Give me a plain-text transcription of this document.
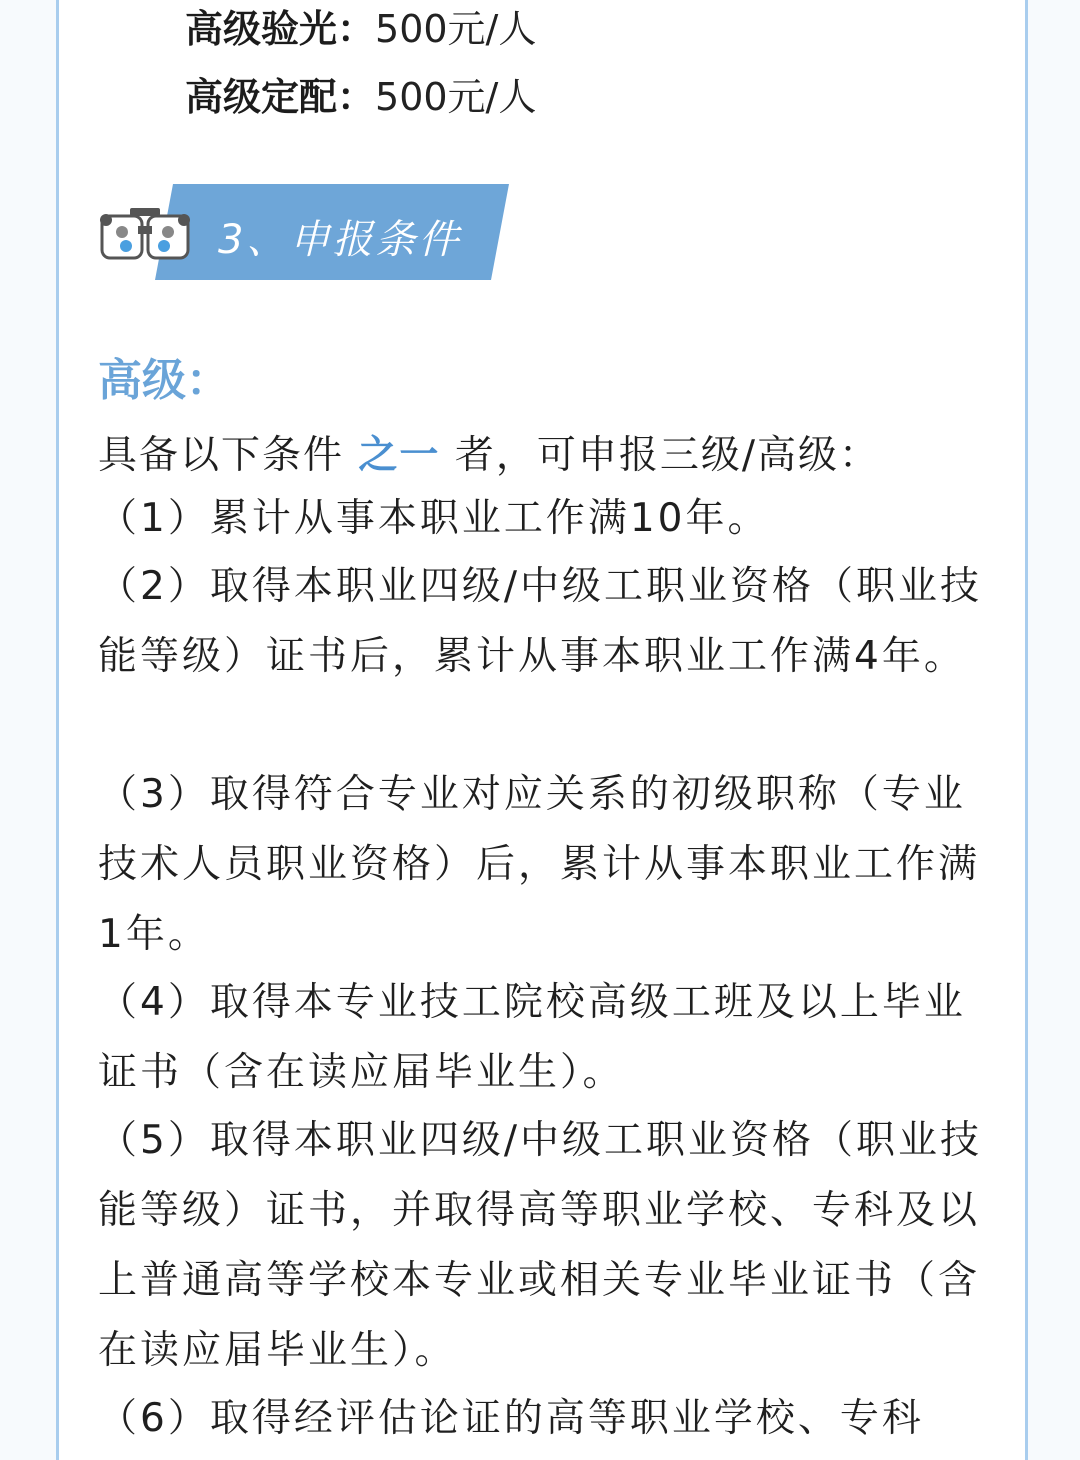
高级验光：500元/人
高级定配：500元/人
3、申报条件
高级：
具备以下条件 之一 者，可申报三级/高级：

（1）累计从事本职业工作满10年。

（2）取得本职业四级/中级工职业资格（职业技能等级）证书后，累计从事本职业工作满4年。

（3）取得符合专业对应关系的初级职称（专业技术人员职业资格）后，累计从事本职业工作满1年。

（4）取得本专业技工院校高级工班及以上毕业证书（含在读应届毕业生）。

（5）取得本职业四级/中级工职业资格（职业技能等级）证书，并取得高等职业学校、专科及以上普通高等学校本专业或相关专业毕业证书（含在读应届毕业生）。

（6）取得经评估论证的高等职业学校、专科
